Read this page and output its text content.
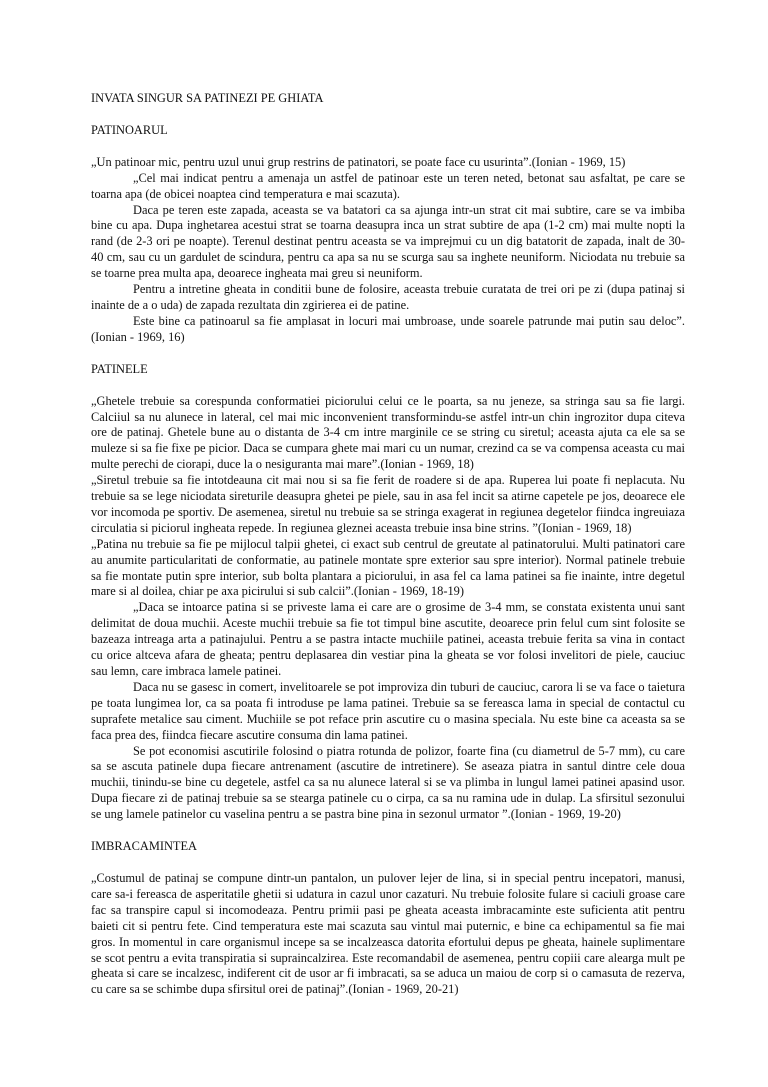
INVATA SINGUR SA PATINEZI PE GHIATA
PATINOARUL

„Un patinoar mic, pentru uzul unui grup restrins de patinatori, se poate face cu usurinta”.(Ionian - 1969, 15)

„Cel mai indicat pentru a amenaja un astfel de patinoar este un teren neted, betonat sau asfaltat, pe care se toarna apa (de obicei noaptea cind temperatura e mai scazuta).

Daca pe teren este zapada, aceasta se va batatori ca sa ajunga intr-un strat cit mai subtire, care se va imbiba bine cu apa. Dupa inghetarea acestui strat se toarna deasupra inca un strat subtire de apa (1-2 cm) mai multe nopti la rand (de 2-3 ori pe noapte). Terenul destinat pentru aceasta se va imprejmui cu un dig batatorit de zapada, inalt de 30-40 cm, sau cu un gardulet de scindura, pentru ca apa sa nu se scurga sau sa inghete neuniform. Niciodata nu trebuie sa se toarne prea multa apa, deoarece ingheata mai greu si neuniform.

Pentru a intretine gheata in conditii bune de folosire, aceasta trebuie curatata de trei ori pe zi (dupa patinaj si inainte de a o uda) de zapada rezultata din zgirierea ei de patine.

Este bine ca patinoarul sa fie amplasat in locuri mai umbroase, unde soarele patrunde mai putin sau deloc”.(Ionian - 1969, 16)

PATINELE

„Ghetele trebuie sa corespunda conformatiei piciorului celui ce le poarta, sa nu jeneze, sa stringa sau sa fie largi. Calciiul sa nu alunece in lateral, cel mai mic inconvenient transformindu-se astfel intr-un chin ingrozitor dupa citeva ore de patinaj. Ghetele bune au o distanta de 3-4 cm intre marginile ce se string cu siretul; aceasta ajuta ca ele sa se muleze si sa fie fixe pe picior. Daca se cumpara ghete mai mari cu un numar, crezind ca se va compensa aceasta cu mai multe perechi de ciorapi, duce la o nesiguranta mai mare”.(Ionian - 1969, 18)

„Siretul trebuie sa fie intotdeauna cit mai nou si sa fie ferit de roadere si de apa. Ruperea lui poate fi neplacuta. Nu trebuie sa se lege niciodata sireturile deasupra ghetei pe piele, sau in asa fel incit sa atirne capetele pe jos, deoarece ele vor incomoda pe sportiv. De asemenea, siretul nu trebuie sa se stringa exagerat in regiunea degetelor fiindca ingreuiaza circulatia si piciorul ingheata repede. In regiunea gleznei aceasta trebuie insa bine strins. ”(Ionian - 1969, 18)

„Patina nu trebuie sa fie pe mijlocul talpii ghetei, ci exact sub centrul de greutate al patinatorului. Multi patinatori care au anumite particularitati de conformatie, au patinele montate spre exterior sau spre interior). Normal patinele trebuie sa fie montate putin spre interior, sub bolta plantara a piciorului, in asa fel ca lama patinei sa fie inainte, intre degetul mare si al doilea, chiar pe axa picirului si sub calcii”.(Ionian - 1969, 18-19)

„Daca se intoarce patina si se priveste lama ei care are o grosime de 3-4 mm, se constata existenta unui sant delimitat de doua muchii. Aceste muchii trebuie sa fie tot timpul bine ascutite, deoarece prin felul cum sint folosite se bazeaza intreaga arta a patinajului. Pentru a se pastra intacte muchiile patinei, aceasta trebuie ferita sa vina in contact cu orice altceva afara de gheata; pentru deplasarea din vestiar pina la gheata se vor folosi invelitori de piele, cauciuc sau lemn, care imbraca lamele patinei.

Daca nu se gasesc in comert, invelitoarele se pot improviza din tuburi de cauciuc, carora li se va face o taietura pe toata lungimea lor, ca sa poata fi introduse pe lama patinei. Trebuie sa se fereasca lama in special de contactul cu suprafete metalice sau ciment. Muchiile se pot reface prin ascutire cu o masina speciala. Nu este bine ca aceasta sa se faca prea des, fiindca fiecare ascutire consuma din lama patinei.

Se pot economisi ascutirile folosind o piatra rotunda de polizor, foarte fina (cu diametrul de 5-7 mm), cu care sa se ascuta patinele dupa fiecare antrenament (ascutire de intretinere). Se aseaza piatra in santul dintre cele doua muchii, tinindu-se bine cu degetele, astfel ca sa nu alunece lateral si se va plimba in lungul lamei patinei apasind usor. Dupa fiecare zi de patinaj trebuie sa se stearga patinele cu o cirpa, ca sa nu ramina ude in dulap. La sfirsitul sezonului se ung lamele patinelor cu vaselina pentru a se pastra bine pina in sezonul urmator ”.(Ionian - 1969, 19-20)

IMBRACAMINTEA

„Costumul de patinaj se compune dintr-un pantalon, un pulover lejer de lina, si in special pentru incepatori, manusi, care sa-i fereasca de asperitatile ghetii si udatura in cazul unor cazaturi. Nu trebuie folosite fulare si caciuli groase care fac sa transpire capul si incomodeaza. Pentru primii pasi pe gheata aceasta imbracaminte este suficienta atit pentru baieti cit si pentru fete. Cind temperatura este mai scazuta sau vintul mai puternic, e bine ca echipamentul sa fie mai gros. In momentul in care organismul incepe sa se incalzeasca datorita efortului depus pe gheata, hainele suplimentare se scot pentru a evita transpiratia si supraincalzirea. Este recomandabil de asemenea, pentru copiii care alearga mult pe gheata si care se incalzesc, indiferent cit de usor ar fi imbracati, sa se aduca un maiou de corp si o camasuta de rezerva, cu care sa se schimbe dupa sfirsitul orei de patinaj”.(Ionian - 1969, 20-21)
